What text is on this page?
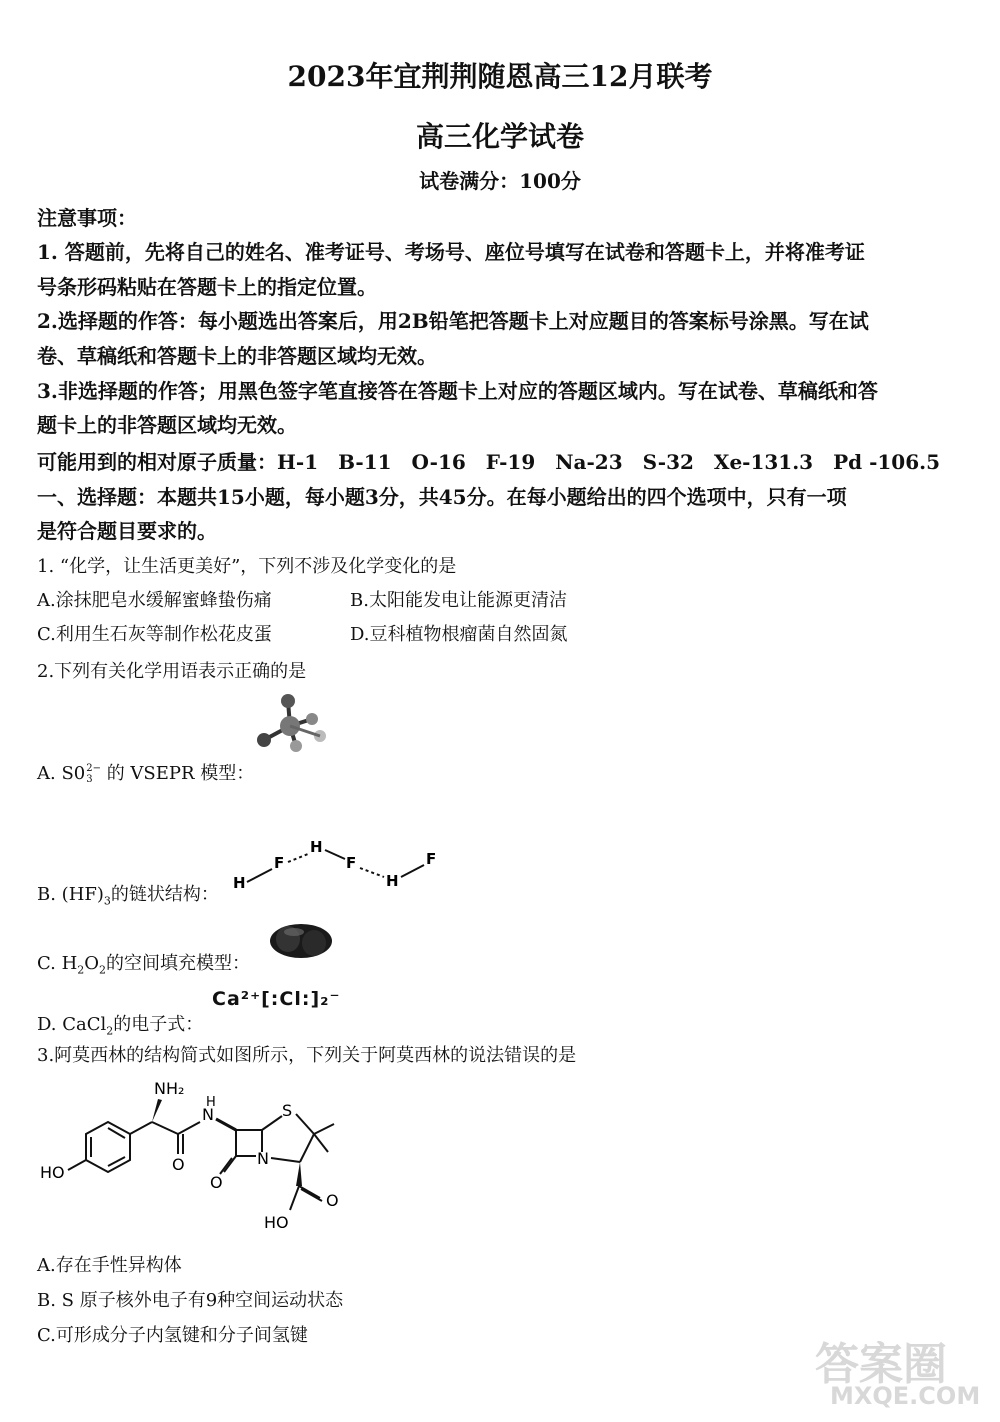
2023年宜荆荆随恩高三12月联考
高三化学试卷
试卷满分：100分
注意事项：
1. 答题前，先将自己的姓名、准考证号、考场号、座位号填写在试卷和答题卡上，并将准考证
号条形码粘贴在答题卡上的指定位置。
2.选择题的作答：每小题选出答案后，用2B铅笔把答题卡上对应题目的答案标号涂黑。写在试
卷、草稿纸和答题卡上的非答题区域均无效。
3.非选择题的作答；用黑色签字笔直接答在答题卡上对应的答题区域内。写在试卷、草稿纸和答
题卡上的非答题区域均无效。
可能用到的相对原子质量：H-1　B-11　O-16　F-19　Na-23　S-32　Xe-131.3　Pd -106.5
一、选择题：本题共15小题，每小题3分，共45分。在每小题给出的四个选项中，只有一项
是符合题目要求的。
1. “化学，让生活更美好”，下列不涉及化学变化的是
A.涂抹肥皂水缓解蜜蜂蛰伤痛	B.太阳能发电让能源更清洁
C.利用生石灰等制作松花皮蛋	D.豆科植物根瘤菌自然固氮
2.下列有关化学用语表示正确的是
A. S0 2−
3 的 VSEPR 模型：
B. $(HF)_3$的链状结构：
H
F
H
F
H
F
C. $H_2O_2$的空间填充模型：
D. CaCl$_2$的电子式：
Ca²⁺[:Cl:]₂⁻
3.阿莫西林的结构简式如图所示，下列关于阿莫西林的说法错误的是
HO
NH₂
O
N
H
N
O
S
O
HO
A.存在手性异构体
B. S 原子核外电子有9种空间运动状态
C.可形成分子内氢键和分子间氢键
答案圈
MXQE.COM
